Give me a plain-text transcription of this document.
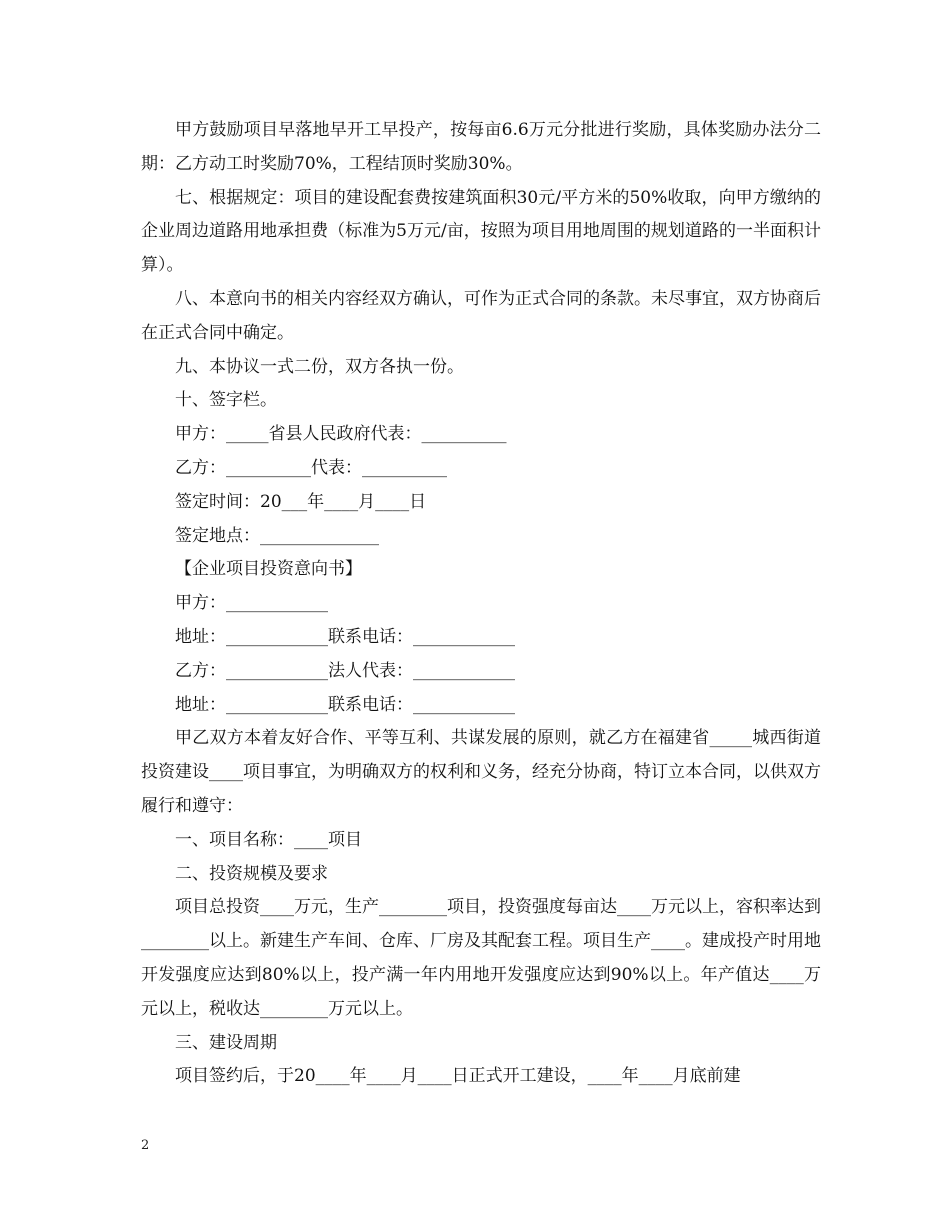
甲方鼓励项目早落地早开工早投产，按每亩6.6万元分批进行奖励，具体奖励办法分二期：乙方动工时奖励70%，工程结顶时奖励30%。

七、根据规定：项目的建设配套费按建筑面积30元/平方米的50%收取，向甲方缴纳的企业周边道路用地承担费（标准为5万元/亩，按照为项目用地周围的规划道路的一半面积计算）。

八、本意向书的相关内容经双方确认，可作为正式合同的条款。未尽事宜，双方协商后在正式合同中确定。

九、本协议一式二份，双方各执一份。

十、签字栏。

甲方：_____省县人民政府代表：__________

乙方：__________代表：__________

签定时间：20___年____月____日

签定地点：______________

【企业项目投资意向书】

甲方：____________

地址：____________联系电话：____________

乙方：____________法人代表：____________

地址：____________联系电话：____________

甲乙双方本着友好合作、平等互利、共谋发展的原则，就乙方在福建省_____城西街道投资建设____项目事宜，为明确双方的权利和义务，经充分协商，特订立本合同，以供双方履行和遵守：

一、项目名称：____项目

二、投资规模及要求

项目总投资____万元，生产________项目，投资强度每亩达____万元以上，容积率达到________以上。新建生产车间、仓库、厂房及其配套工程。项目生产____。建成投产时用地开发强度应达到80%以上，投产满一年内用地开发强度应达到90%以上。年产值达____万元以上，税收达________万元以上。

三、建设周期

项目签约后，于20____年____月____日正式开工建设，____年____月底前建

2
